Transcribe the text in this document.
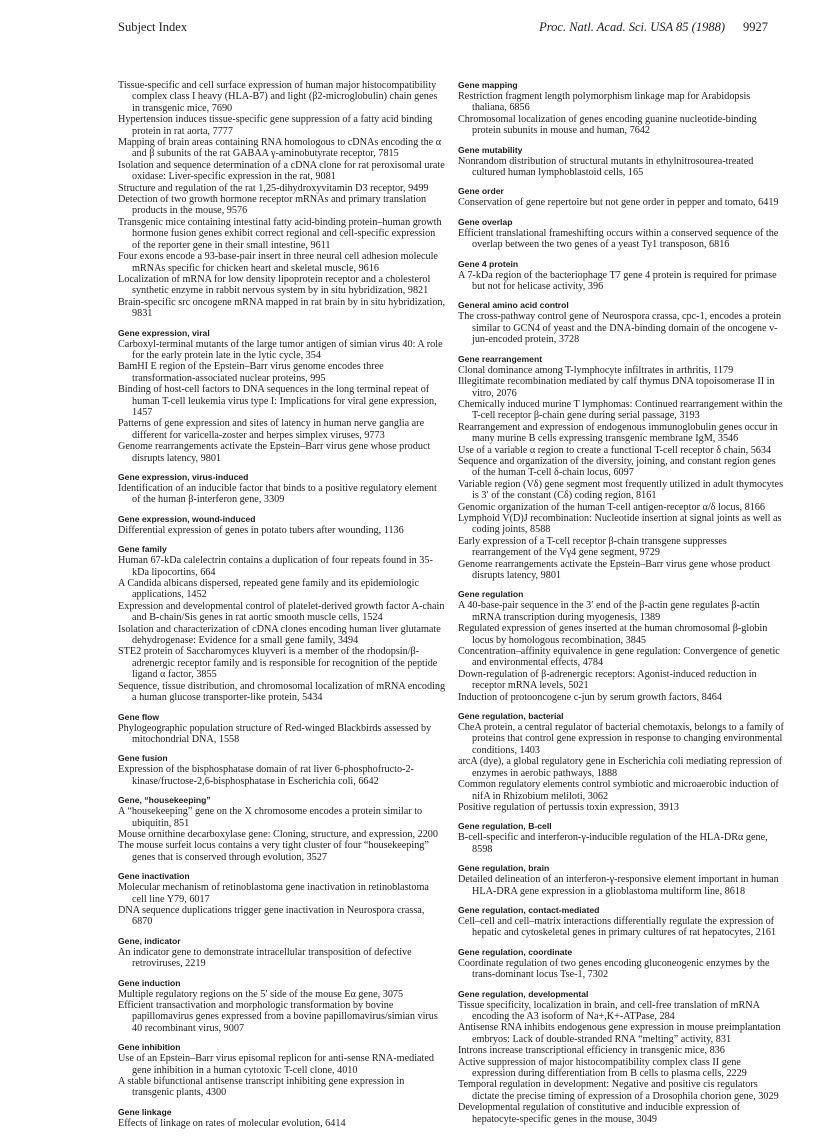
Subject Index	Proc. Natl. Acad. Sci. USA 85 (1988) 9927

Tissue-specific and cell surface expression of human major histocompatibility complex class I heavy (HLA-B7) and light (β2-microglobulin) chain genes in transgenic mice, 7690

Hypertension induces tissue-specific gene suppression of a fatty acid binding protein in rat aorta, 7777

Mapping of brain areas containing RNA homologous to cDNAs encoding the α and β subunits of the rat GABAA γ-aminobutyrate receptor, 7815

Isolation and sequence determination of a cDNA clone for rat peroxisomal urate oxidase: Liver-specific expression in the rat, 9081

Structure and regulation of the rat 1,25-dihydroxyvitamin D3 receptor, 9499

Detection of two growth hormone receptor mRNAs and primary translation products in the mouse, 9576

Transgenic mice containing intestinal fatty acid-binding protein–human growth hormone fusion genes exhibit correct regional and cell-specific expression of the reporter gene in their small intestine, 9611

Four exons encode a 93-base-pair insert in three neural cell adhesion molecule mRNAs specific for chicken heart and skeletal muscle, 9616

Localization of mRNA for low density lipoprotein receptor and a cholesterol synthetic enzyme in rabbit nervous system by in situ hybridization, 9821

Brain-specific src oncogene mRNA mapped in rat brain by in situ hybridization, 9831

Gene expression, viral

Carboxyl-terminal mutants of the large tumor antigen of simian virus 40: A role for the early protein late in the lytic cycle, 354

BamHI E region of the Epstein–Barr virus genome encodes three transformation-associated nuclear proteins, 995

Binding of host-cell factors to DNA sequences in the long terminal repeat of human T-cell leukemia virus type I: Implications for viral gene expression, 1457

Patterns of gene expression and sites of latency in human nerve ganglia are different for varicella-zoster and herpes simplex viruses, 9773

Genome rearrangements activate the Epstein–Barr virus gene whose product disrupts latency, 9801

Gene expression, virus-induced

Identification of an inducible factor that binds to a positive regulatory element of the human β-interferon gene, 3309

Gene expression, wound-induced

Differential expression of genes in potato tubers after wounding, 1136

Gene family

Human 67-kDa calelectrin contains a duplication of four repeats found in 35-kDa lipocortins, 664

A Candida albicans dispersed, repeated gene family and its epidemiologic applications, 1452

Expression and developmental control of platelet-derived growth factor A-chain and B-chain/Sis genes in rat aortic smooth muscle cells, 1524

Isolation and characterization of cDNA clones encoding human liver glutamate dehydrogenase: Evidence for a small gene family, 3494

STE2 protein of Saccharomyces kluyveri is a member of the rhodopsin/β-adrenergic receptor family and is responsible for recognition of the peptide ligand α factor, 3855

Sequence, tissue distribution, and chromosomal localization of mRNA encoding a human glucose transporter-like protein, 5434

Gene flow

Phylogeographic population structure of Red-winged Blackbirds assessed by mitochondrial DNA, 1558

Gene fusion

Expression of the bisphosphatase domain of rat liver 6-phosphofructo-2-kinase/fructose-2,6-bisphosphatase in Escherichia coli, 6642

Gene, “housekeeping”

A “housekeeping” gene on the X chromosome encodes a protein similar to ubiquitin, 851

Mouse ornithine decarboxylase gene: Cloning, structure, and expression, 2200

The mouse surfeit locus contains a very tight cluster of four “housekeeping” genes that is conserved through evolution, 3527

Gene inactivation

Molecular mechanism of retinoblastoma gene inactivation in retinoblastoma cell line Y79, 6017

DNA sequence duplications trigger gene inactivation in Neurospora crassa, 6870

Gene, indicator

An indicator gene to demonstrate intracellular transposition of defective retroviruses, 2219

Gene induction

Multiple regulatory regions on the 5′ side of the mouse Eα gene, 3075

Efficient transactivation and morphologic transformation by bovine papillomavirus genes expressed from a bovine papillomavirus/simian virus 40 recombinant virus, 9007

Gene inhibition

Use of an Epstein–Barr virus episomal replicon for anti-sense RNA-mediated gene inhibition in a human cytotoxic T-cell clone, 4010

A stable bifunctional antisense transcript inhibiting gene expression in transgenic plants, 4300

Gene linkage

Effects of linkage on rates of molecular evolution, 6414

Gene mapping

Restriction fragment length polymorphism linkage map for Arabidopsis thaliana, 6856

Chromosomal localization of genes encoding guanine nucleotide-binding protein subunits in mouse and human, 7642

Gene mutability

Nonrandom distribution of structural mutants in ethylnitrosourea-treated cultured human lymphoblastoid cells, 165

Gene order

Conservation of gene repertoire but not gene order in pepper and tomato, 6419

Gene overlap

Efficient translational frameshifting occurs within a conserved sequence of the overlap between the two genes of a yeast Ty1 transposon, 6816

Gene 4 protein

A 7-kDa region of the bacteriophage T7 gene 4 protein is required for primase but not for helicase activity, 396

General amino acid control

The cross-pathway control gene of Neurospora crassa, cpc-1, encodes a protein similar to GCN4 of yeast and the DNA-binding domain of the oncogene v-jun-encoded protein, 3728

Gene rearrangement

Clonal dominance among T-lymphocyte infiltrates in arthritis, 1179

Illegitimate recombination mediated by calf thymus DNA topoisomerase II in vitro, 2076

Chemically induced murine T lymphomas: Continued rearrangement within the T-cell receptor β-chain gene during serial passage, 3193

Rearrangement and expression of endogenous immunoglobulin genes occur in many murine B cells expressing transgenic membrane IgM, 3546

Use of a variable α region to create a functional T-cell receptor δ chain, 5634

Sequence and organization of the diversity, joining, and constant region genes of the human T-cell δ-chain locus, 6097

Variable region (Vδ) gene segment most frequently utilized in adult thymocytes is 3′ of the constant (Cδ) coding region, 8161

Genomic organization of the human T-cell antigen-receptor α/δ locus, 8166

Lymphoid V(D)J recombination: Nucleotide insertion at signal joints as well as coding joints, 8588

Early expression of a T-cell receptor β-chain transgene suppresses rearrangement of the Vγ4 gene segment, 9729

Genome rearrangements activate the Epstein–Barr virus gene whose product disrupts latency, 9801

Gene regulation

A 40-base-pair sequence in the 3′ end of the β-actin gene regulates β-actin mRNA transcription during myogenesis, 1389

Regulated expression of genes inserted at the human chromosomal β-globin locus by homologous recombination, 3845

Concentration–affinity equivalence in gene regulation: Convergence of genetic and environmental effects, 4784

Down-regulation of β-adrenergic receptors: Agonist-induced reduction in receptor mRNA levels, 5021

Induction of protooncogene c-jun by serum growth factors, 8464

Gene regulation, bacterial

CheA protein, a central regulator of bacterial chemotaxis, belongs to a family of proteins that control gene expression in response to changing environmental conditions, 1403

arcA (dye), a global regulatory gene in Escherichia coli mediating repression of enzymes in aerobic pathways, 1888

Common regulatory elements control symbiotic and microaerobic induction of nifA in Rhizobium meliloti, 3062

Positive regulation of pertussis toxin expression, 3913

Gene regulation, B-cell

B-cell-specific and interferon-γ-inducible regulation of the HLA-DRα gene, 8598

Gene regulation, brain

Detailed delineation of an interferon-γ-responsive element important in human HLA-DRA gene expression in a glioblastoma multiform line, 8618

Gene regulation, contact-mediated

Cell–cell and cell–matrix interactions differentially regulate the expression of hepatic and cytoskeletal genes in primary cultures of rat hepatocytes, 2161

Gene regulation, coordinate

Coordinate regulation of two genes encoding gluconeogenic enzymes by the trans-dominant locus Tse-1, 7302

Gene regulation, developmental

Tissue specificity, localization in brain, and cell-free translation of mRNA encoding the A3 isoform of Na+,K+-ATPase, 284

Antisense RNA inhibits endogenous gene expression in mouse preimplantation embryos: Lack of double-stranded RNA “melting” activity, 831

Introns increase transcriptional efficiency in transgenic mice, 836

Active suppression of major histocompatibility complex class II gene expression during differentiation from B cells to plasma cells, 2229

Temporal regulation in development: Negative and positive cis regulators dictate the precise timing of expression of a Drosophila chorion gene, 3029

Developmental regulation of constitutive and inducible expression of hepatocyte-specific genes in the mouse, 3049
